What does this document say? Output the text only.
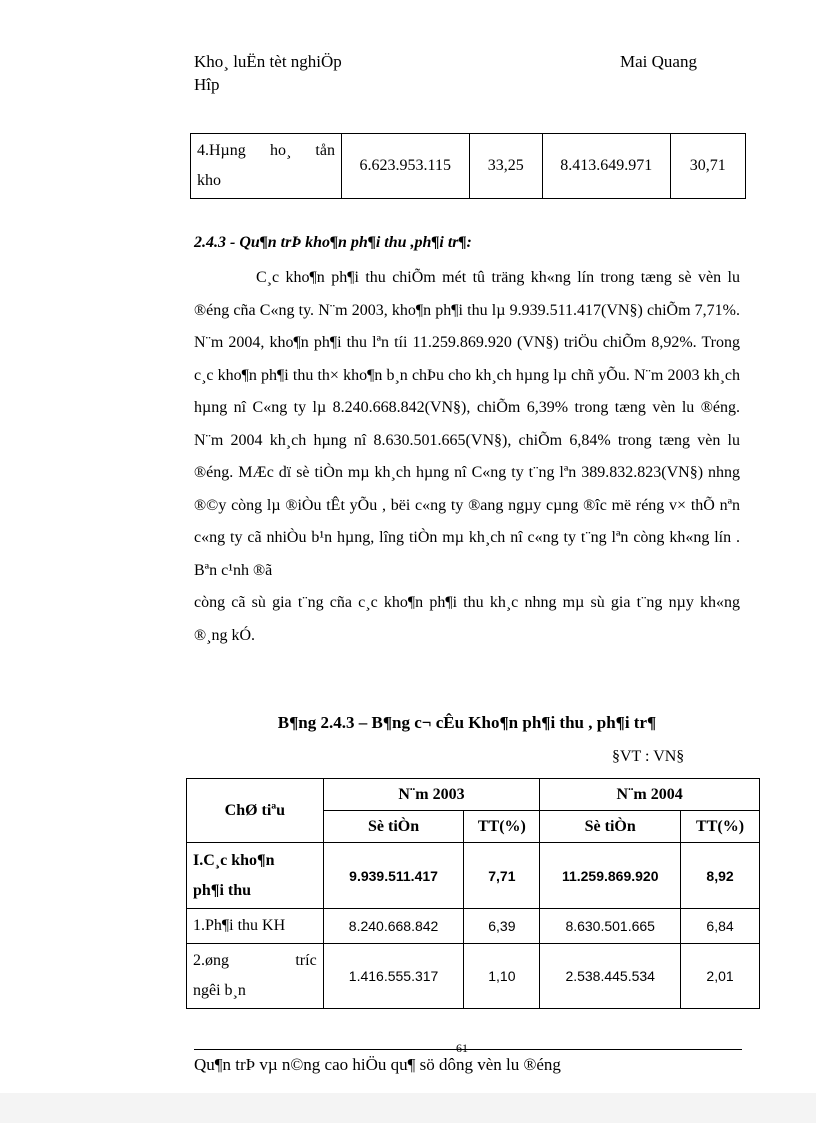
Kho¸ luËn tèt nghiÖp
Hîp
Mai Quang
4.Hµng ho¸ tån
kho
	6.623.953.115	33,25	8.413.649.971	30,71
2.4.3 - Qu¶n trÞ kho¶n ph¶i thu ,ph¶i tr¶:

C¸c kho¶n ph¶i thu chiÕm mét tû träng kh«ng lín trong tæng sè vèn lu ®éng cña C«ng ty. N¨m 2003, kho¶n ph¶i thu lµ 9.939.511.417(VN§) chiÕm 7,71%. N¨m 2004, kho¶n ph¶i thu lªn tíi 11.259.869.920 (VN§) triÖu chiÕm 8,92%. Trong c¸c kho¶n ph¶i thu th× kho¶n b¸n chÞu cho kh¸ch hµng lµ chñ yÕu. N¨m 2003 kh¸ch hµng nî C«ng ty lµ 8.240.668.842(VN§), chiÕm 6,39% trong tæng vèn lu ®éng. N¨m 2004 kh¸ch hµng nî 8.630.501.665(VN§), chiÕm 6,84% trong tæng vèn lu ®éng. MÆc dï sè tiÒn mµ kh¸ch hµng nî C«ng ty t¨ng lªn 389.832.823(VN§) nhng ®©y còng lµ ®iÒu tÊt yÕu , bëi c«ng ty ®ang ngµy cµng ®îc më réng v× thÕ nªn c«ng ty cã nhiÒu b¹n hµng, lîng tiÒn mµ kh¸ch nî c«ng ty t¨ng lªn còng kh«ng lín . Bªn c¹nh ®ã

còng cã sù gia t¨ng cña c¸c kho¶n ph¶i thu kh¸c nhng mµ sù gia t¨ng nµy kh«ng ®¸ng kÓ.

B¶ng 2.4.3 – B¶ng c¬ cÊu Kho¶n ph¶i thu , ph¶i tr¶
§VT : VN§
ChØ tiªu	N¨m 2003		N¨m 2004	
	Sè tiÒn	TT(%)	Sè tiÒn	TT(%)

I.C¸c kho¶n
ph¶i thu	9.939.511.417	7,71	11.259.869.920	8,92

1.Ph¶i thu KH	8.240.668.842	6,39	8.630.501.665	6,84

2.øng tríc
ngêi b¸n	1.416.555.317	1,10	2.538.445.534	2,01
61
Qu¶n trÞ vµ n©ng cao hiÖu qu¶ sö dông vèn lu ®éng
